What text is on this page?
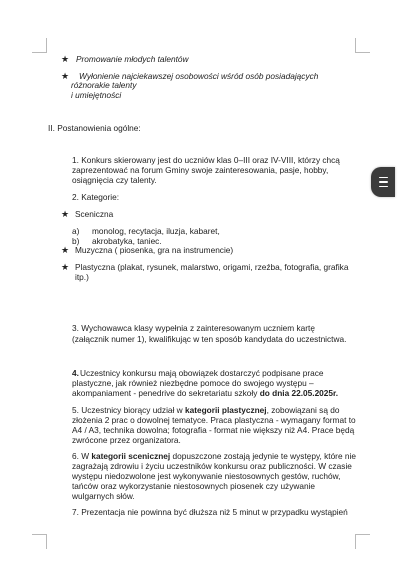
★ Promowanie młodych talentów
★ Wyłonienie najciekawszej osobowości wśród osób posiadających
różnorakie talenty
i umiejętności
II. Postanowienia ogólne:
1. Konkurs skierowany jest do uczniów klas 0–III oraz IV-VIII, którzy chcą
zaprezentować na forum Gminy swoje zainteresowania, pasje, hobby,
osiągnięcia czy talenty.
2. Kategorie:
★ Sceniczna
a) monolog, recytacja, iluzja, kabaret,
b) akrobatyka, taniec.
★ Muzyczna ( piosenka, gra na instrumencie)
★ Plastyczna (plakat, rysunek, malarstwo, origami, rzeźba, fotografia, grafika
itp.)
3. Wychowawca klasy wypełnia z zainteresowanym uczniem kartę
(załącznik numer 1), kwalifikując w ten sposób kandydata do uczestnictwa.
4. Uczestnicy konkursu mają obowiązek dostarczyć podpisane prace
plastyczne, jak również niezbędne pomoce do swojego występu –
akompaniament - penedrive do sekretariatu szkoły do dnia 22.05.2025r.
5. Uczestnicy biorący udział w kategorii plastycznej, zobowiązani są do
złożenia 2 prac o dowolnej tematyce. Praca plastyczna - wymagany format to
A4 / A3, technika dowolna; fotografia - format nie większy niż A4. Prace będą
zwrócone przez organizatora.
6. W kategorii scenicznej dopuszczone zostają jedynie te występy, które nie
zagrażają zdrowiu i życiu uczestników konkursu oraz publiczności. W czasie
występu niedozwolone jest wykonywanie niestosownych gestów, ruchów,
tańców oraz wykorzystanie niestosownych piosenek czy używanie
wulgarnych słów.
7. Prezentacja nie powinna być dłuższa niż 5 minut w przypadku wystąpień
